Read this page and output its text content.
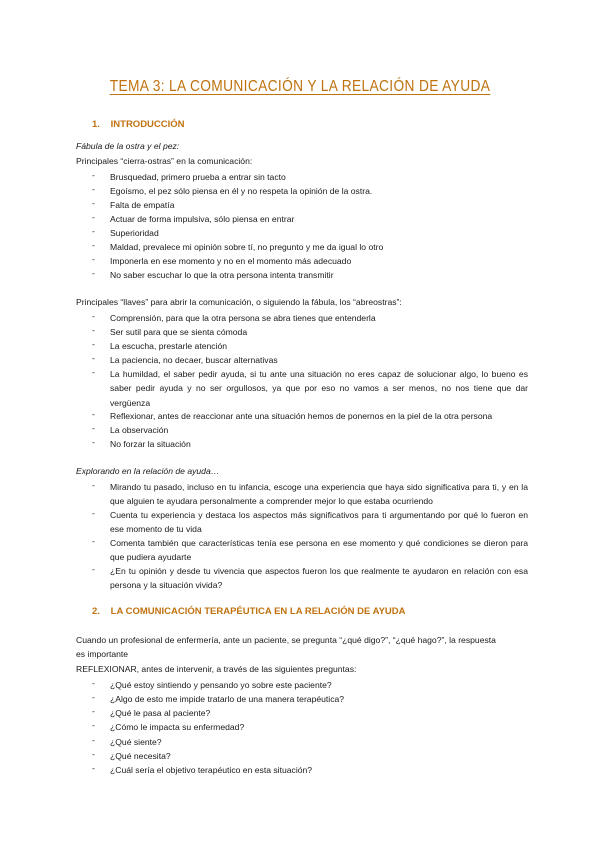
TEMA 3: LA COMUNICACIÓN Y LA RELACIÓN DE AYUDA
1. INTRODUCCIÓN
Fábula de la ostra y el pez:
Principales “cierra-ostras” en la comunicación:
- Brusquedad, primero prueba a entrar sin tacto
- Egoísmo, el pez sólo piensa en él y no respeta la opinión de la ostra.
- Falta de empatía
- Actuar de forma impulsiva, sólo piensa en entrar
- Superioridad
- Maldad, prevalece mi opinión sobre tí, no pregunto y me da igual lo otro
- Imponerla en ese momento y no en el momento más adecuado
- No saber escuchar lo que la otra persona intenta transmitir
Principales “llaves” para abrir la comunicación, o siguiendo la fábula, los “abreostras”:
- Comprensión, para que la otra persona se abra tienes que entenderla
- Ser sutil para que se sienta cómoda
- La escucha, prestarle atención
- La paciencia, no decaer, buscar alternativas
- La humildad, el saber pedir ayuda, si tu ante una situación no eres capaz de solucionar algo, lo bueno es saber pedir ayuda y no ser orgullosos, ya que por eso no vamos a ser menos, no nos tiene que dar vergüenza
- Reflexionar, antes de reaccionar ante una situación hemos de ponernos en la piel de la otra persona
- La observación
- No forzar la situación
Explorando en la relación de ayuda…
- Mirando tu pasado, incluso en tu infancia, escoge una experiencia que haya sido significativa para ti, y en la que alguien te ayudara personalmente a comprender mejor lo que estaba ocurriendo
- Cuenta tu experiencia y destaca los aspectos más significativos para ti argumentando por qué lo fueron en ese momento de tu vida
- Comenta también que características tenía ese persona en ese momento y qué condiciones se dieron para que pudiera ayudarte
- ¿En tu opinión y desde tu vivencia que aspectos fueron los que realmente te ayudaron en relación con esa persona y la situación vivida?
2. LA COMUNICACIÓN TERAPÉUTICA EN LA RELACIÓN DE AYUDA
Cuando un profesional de enfermería, ante un paciente, se pregunta “¿qué digo?”, “¿qué hago?”, la respuesta
es importante
REFLEXIONAR, antes de intervenir, a través de las siguientes preguntas:
- ¿Qué estoy sintiendo y pensando yo sobre este paciente?
- ¿Algo de esto me impide tratarlo de una manera terapéutica?
- ¿Qué le pasa al paciente?
- ¿Cómo le impacta su enfermedad?
- ¿Qué siente?
- ¿Qué necesita?
- ¿Cuál sería el objetivo terapéutico en esta situación?
